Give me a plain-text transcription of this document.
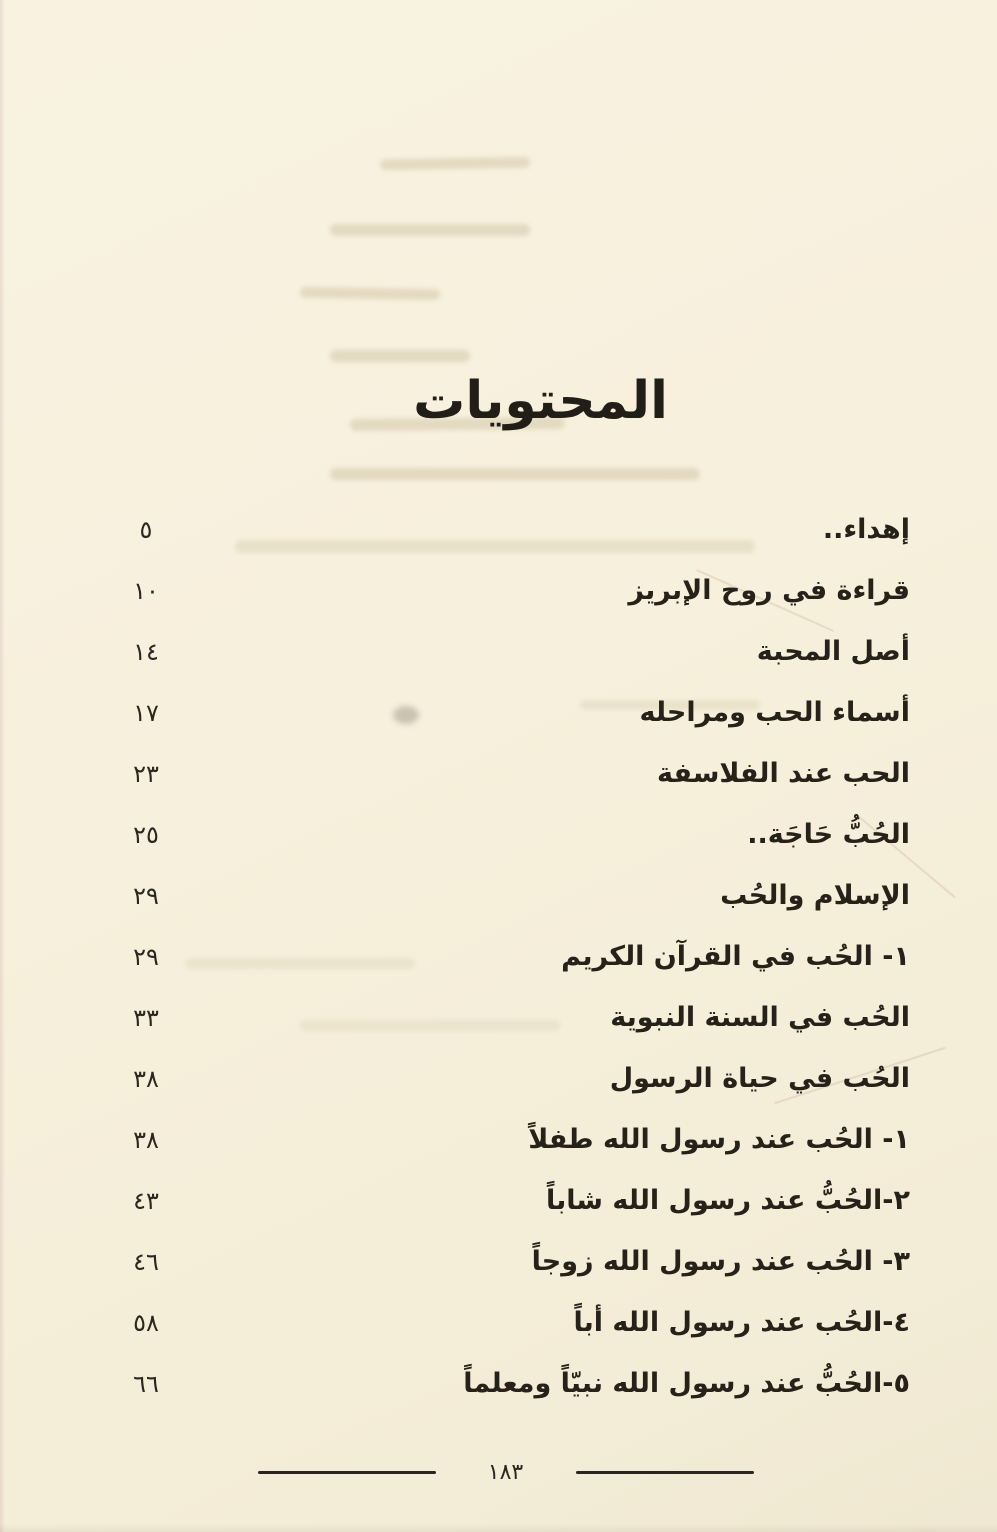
المحتويات
إهداء..
٥
قراءة في روح الإبريز
١٠
أصل المحبة
١٤
أسماء الحب ومراحله
١٧
الحب عند الفلاسفة
٢٣
الحُبُّ حَاجَة..
٢٥
الإسلام والحُب
٢٩
١- الحُب في القرآن الكريم
٢٩
الحُب في السنة النبوية
٣٣
الحُب في حياة الرسول
٣٨
١- الحُب عند رسول الله طفلاً
٣٨
٢-الحُبُّ عند رسول الله شاباً
٤٣
٣- الحُب عند رسول الله زوجاً
٤٦
٤-الحُب عند رسول الله أباً
٥٨
٥-الحُبُّ عند رسول الله نبيّاً ومعلماً
٦٦
١٨٣
